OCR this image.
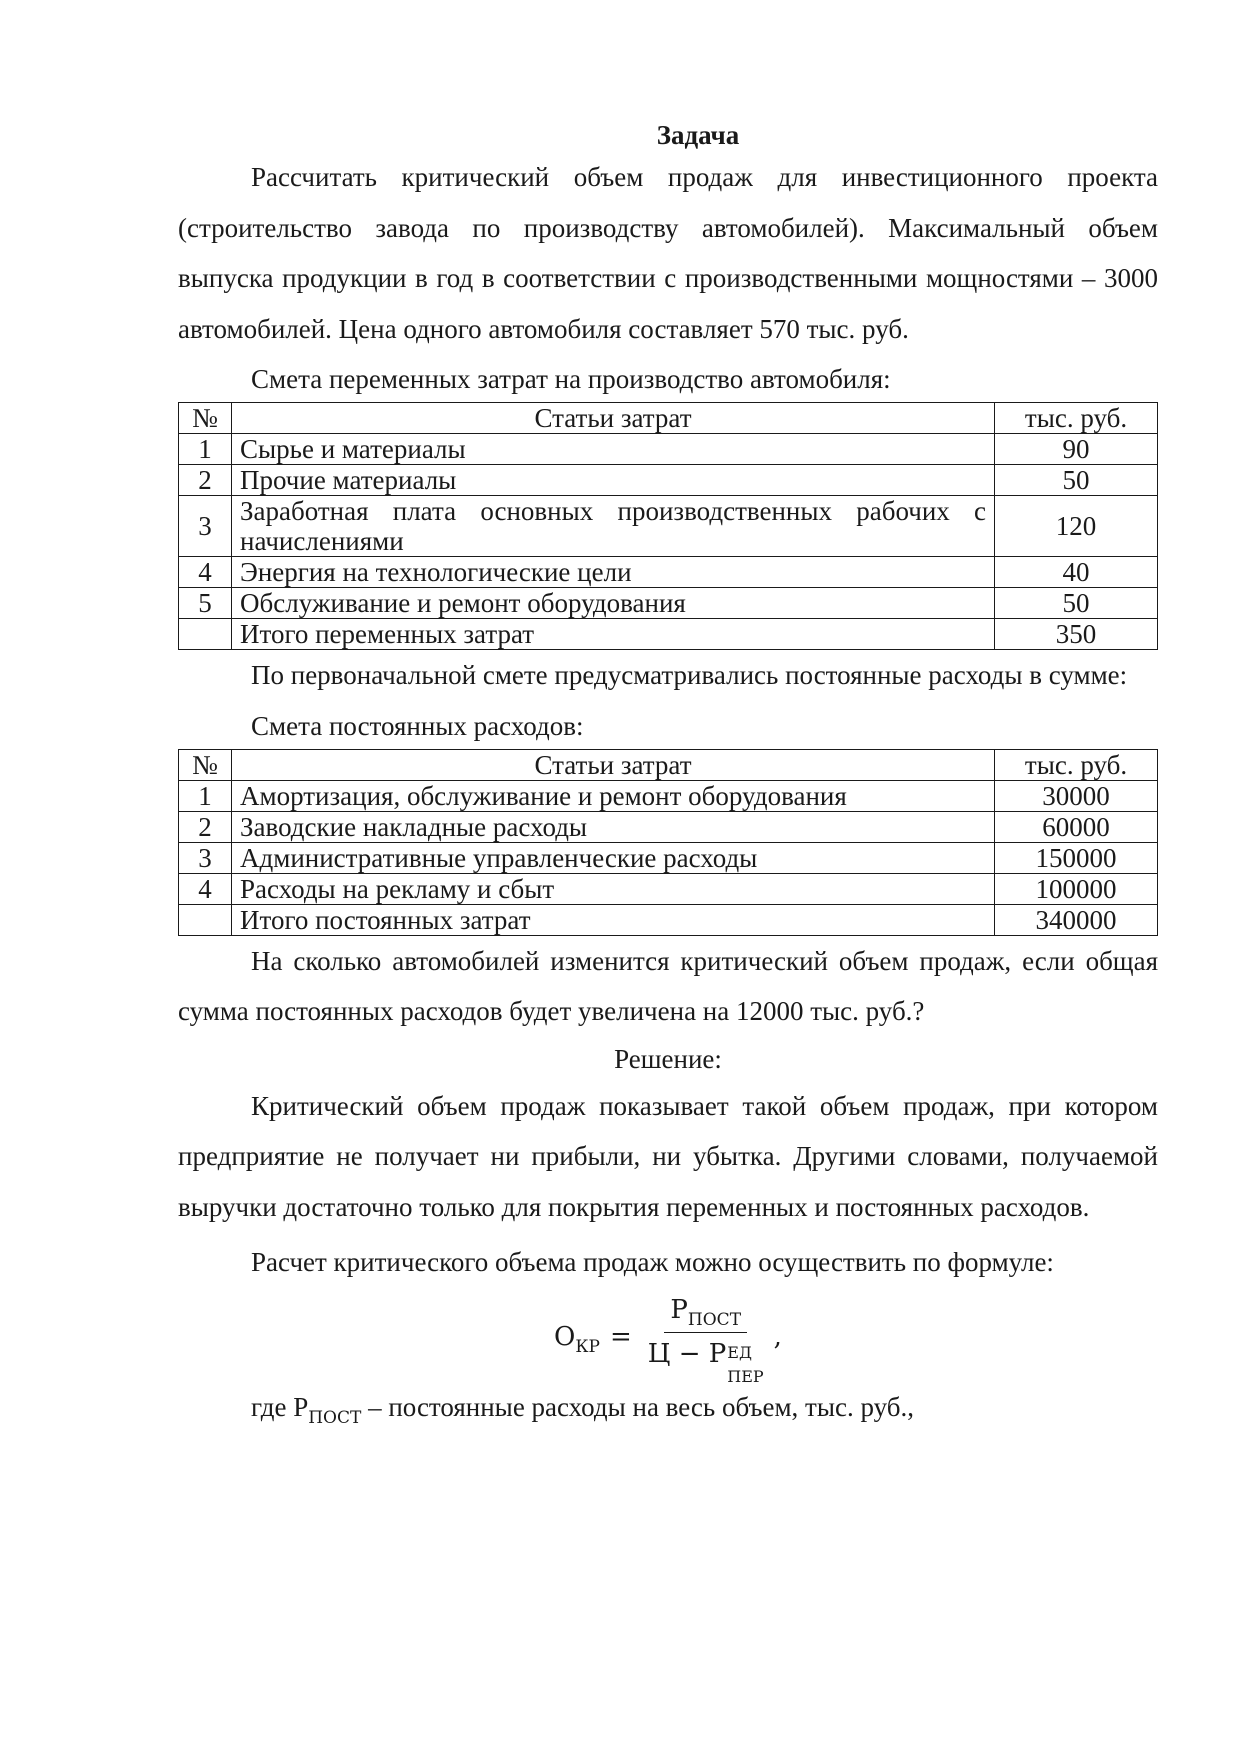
Задача

Рассчитать критический объем продаж для инвестиционного проекта (строительство завода по производству автомобилей). Максимальный объем выпуска продукции в год в соответствии с производственными мощностями – 3000 автомобилей. Цена одного автомобиля составляет 570 тыс. руб.

Смета переменных затрат на производство автомобиля:

№	Статьи затрат	тыс. руб.
1	Сырье и материалы	90
2	Прочие материалы	50
3	Заработная плата основных производственных рабочих с начислениями	120
4	Энергия на технологические цели	40
5	Обслуживание и ремонт оборудования	50
	Итого переменных затрат	350

По первоначальной смете предусматривались постоянные расходы в сумме:

Смета постоянных расходов:

№	Статьи затрат	тыс. руб.
1	Амортизация, обслуживание и ремонт оборудования	30000
2	Заводские накладные расходы	60000
3	Административные управленческие расходы	150000
4	Расходы на рекламу и сбыт	100000
	Итого постоянных затрат	340000

На сколько автомобилей изменится критический объем продаж, если общая сумма постоянных расходов будет увеличена на 12000 тыс. руб.?

Решение:

Критический объем продаж показывает такой объем продаж, при котором предприятие не получает ни прибыли, ни убытка. Другими словами, получаемой выручки достаточно только для покрытия переменных и постоянных расходов.

Расчет критического объема продаж можно осуществить по формуле:

О КР = $Р_{ПОСТ}$
Ц − Р ЕД
ПЕР ,

где $Р_{ПОСТ}$ – постоянные расходы на весь объем, тыс. руб.,
